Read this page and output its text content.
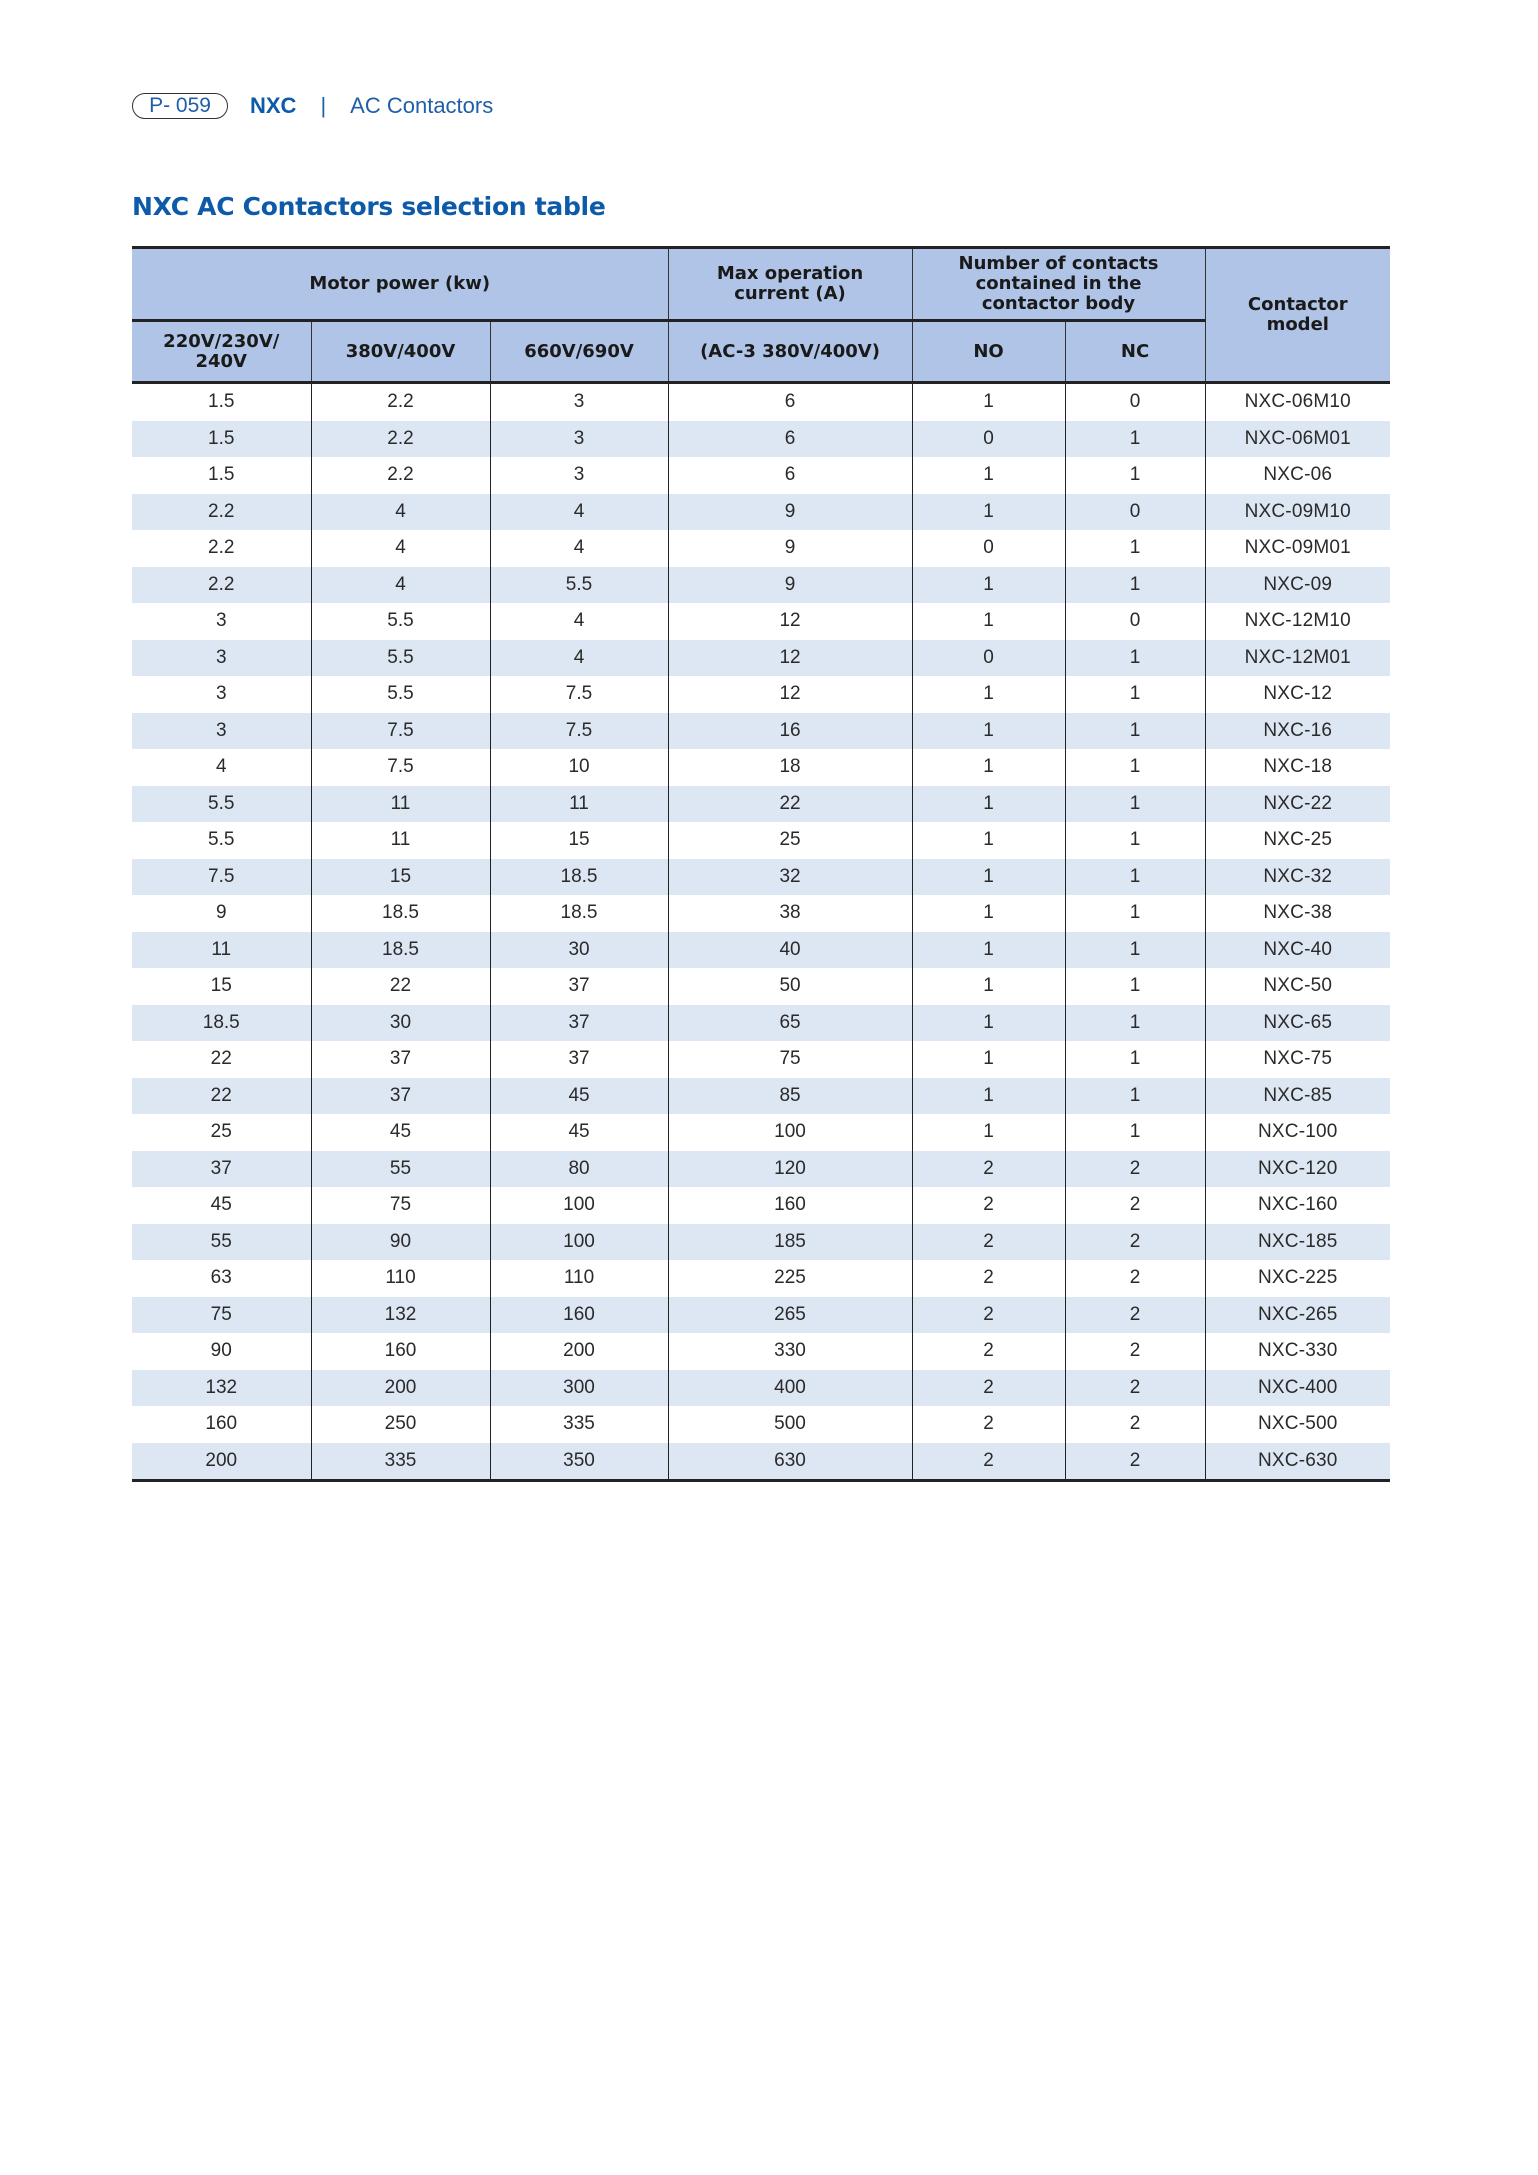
P- 059	NXC | AC Contactors
NXC AC Contactors selection table
Motor power (kw)			Max operation current (A)	Number of contacts contained in the contactor body		Contactor model
220V/230V/ 240V	380V/400V	660V/690V	(AC-3 380V/400V)	NO	NC	
1.5	2.2	3	6	1	0	NXC-06M10
1.5	2.2	3	6	0	1	NXC-06M01
1.5	2.2	3	6	1	1	NXC-06
2.2	4	4	9	1	0	NXC-09M10
2.2	4	4	9	0	1	NXC-09M01
2.2	4	5.5	9	1	1	NXC-09
3	5.5	4	12	1	0	NXC-12M10
3	5.5	4	12	0	1	NXC-12M01
3	5.5	7.5	12	1	1	NXC-12
3	7.5	7.5	16	1	1	NXC-16
4	7.5	10	18	1	1	NXC-18
5.5	11	11	22	1	1	NXC-22
5.5	11	15	25	1	1	NXC-25
7.5	15	18.5	32	1	1	NXC-32
9	18.5	18.5	38	1	1	NXC-38
11	18.5	30	40	1	1	NXC-40
15	22	37	50	1	1	NXC-50
18.5	30	37	65	1	1	NXC-65
22	37	37	75	1	1	NXC-75
22	37	45	85	1	1	NXC-85
25	45	45	100	1	1	NXC-100
37	55	80	120	2	2	NXC-120
45	75	100	160	2	2	NXC-160
55	90	100	185	2	2	NXC-185
63	110	110	225	2	2	NXC-225
75	132	160	265	2	2	NXC-265
90	160	200	330	2	2	NXC-330
132	200	300	400	2	2	NXC-400
160	250	335	500	2	2	NXC-500
200	335	350	630	2	2	NXC-630
